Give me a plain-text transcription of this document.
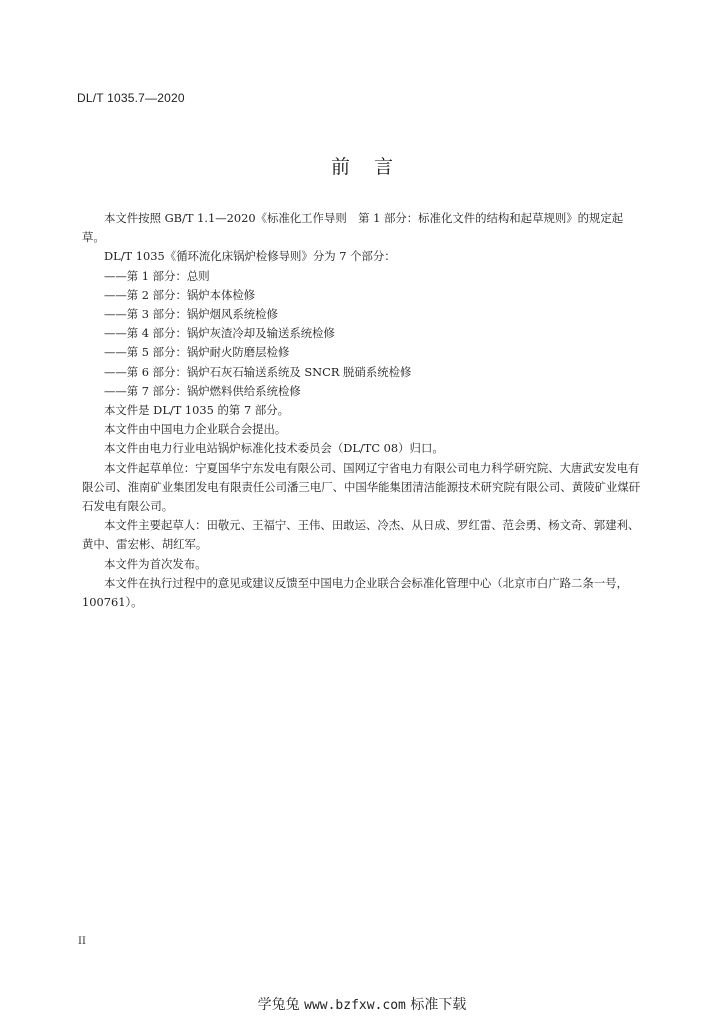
DL/T 1035.7—2020
前 言

本文件按照 GB/T 1.1—2020《标准化工作导则　第 1 部分：标准化文件的结构和起草规则》的规定起草。

DL/T 1035《循环流化床锅炉检修导则》分为 7 个部分：

——第 1 部分：总则

——第 2 部分：锅炉本体检修

——第 3 部分：锅炉烟风系统检修

——第 4 部分：锅炉灰渣冷却及输送系统检修

——第 5 部分：锅炉耐火防磨层检修

——第 6 部分：锅炉石灰石输送系统及 SNCR 脱硝系统检修

——第 7 部分：锅炉燃料供给系统检修

本文件是 DL/T 1035 的第 7 部分。

本文件由中国电力企业联合会提出。

本文件由电力行业电站锅炉标准化技术委员会（DL/TC 08）归口。

本文件起草单位：宁夏国华宁东发电有限公司、国网辽宁省电力有限公司电力科学研究院、大唐武安发电有限公司、淮南矿业集团发电有限责任公司潘三电厂、中国华能集团清洁能源技术研究院有限公司、黄陵矿业煤矸石发电有限公司。

本文件主要起草人：田敬元、王福宁、王伟、田敢运、冷杰、从日成、罗红雷、范会勇、杨文奇、郭建利、黄中、雷宏彬、胡红军。

本文件为首次发布。

本文件在执行过程中的意见或建议反馈至中国电力企业联合会标准化管理中心（北京市白广路二条一号，100761）。

II
学兔兔 www.bzfxw.com 标准下载
